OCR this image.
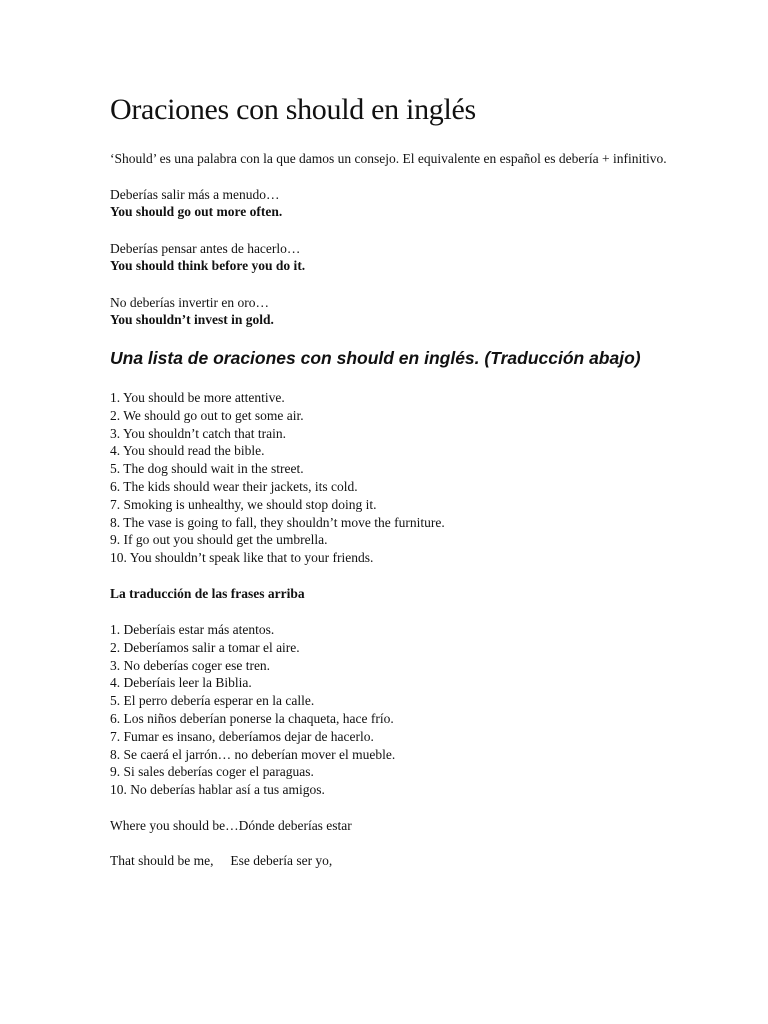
Oraciones con should en inglés

‘Should’ es una palabra con la que damos un consejo. El equivalente en español es debería + infinitivo.

Deberías salir más a menudo…
You should go out more often.
Deberías pensar antes de hacerlo…
You should think before you do it.
No deberías invertir en oro…
You shouldn’t invest in gold.
Una lista de oraciones con should en inglés. (Traducción abajo)
1. You should be more attentive.
2. We should go out to get some air.
3. You shouldn’t catch that train.
4. You should read the bible.
5. The dog should wait in the street.
6. The kids should wear their jackets, its cold.
7. Smoking is unhealthy, we should stop doing it.
8. The vase is going to fall, they shouldn’t move the furniture.
9. If go out you should get the umbrella.
10. You shouldn’t speak like that to your friends.

La traducción de las frases arriba

1. Deberíais estar más atentos.
2. Deberíamos salir a tomar el aire.
3. No deberías coger ese tren.
4. Deberíais leer la Biblia.
5. El perro debería esperar en la calle.
6. Los niños deberían ponerse la chaqueta, hace frío.
7. Fumar es insano, deberíamos dejar de hacerlo.
8. Se caerá el jarrón… no deberían mover el mueble.
9. Si sales deberías coger el paraguas.
10. No deberías hablar así a tus amigos.

Where you should be…Dónde deberías estar

That should be me,     Ese debería ser yo,
